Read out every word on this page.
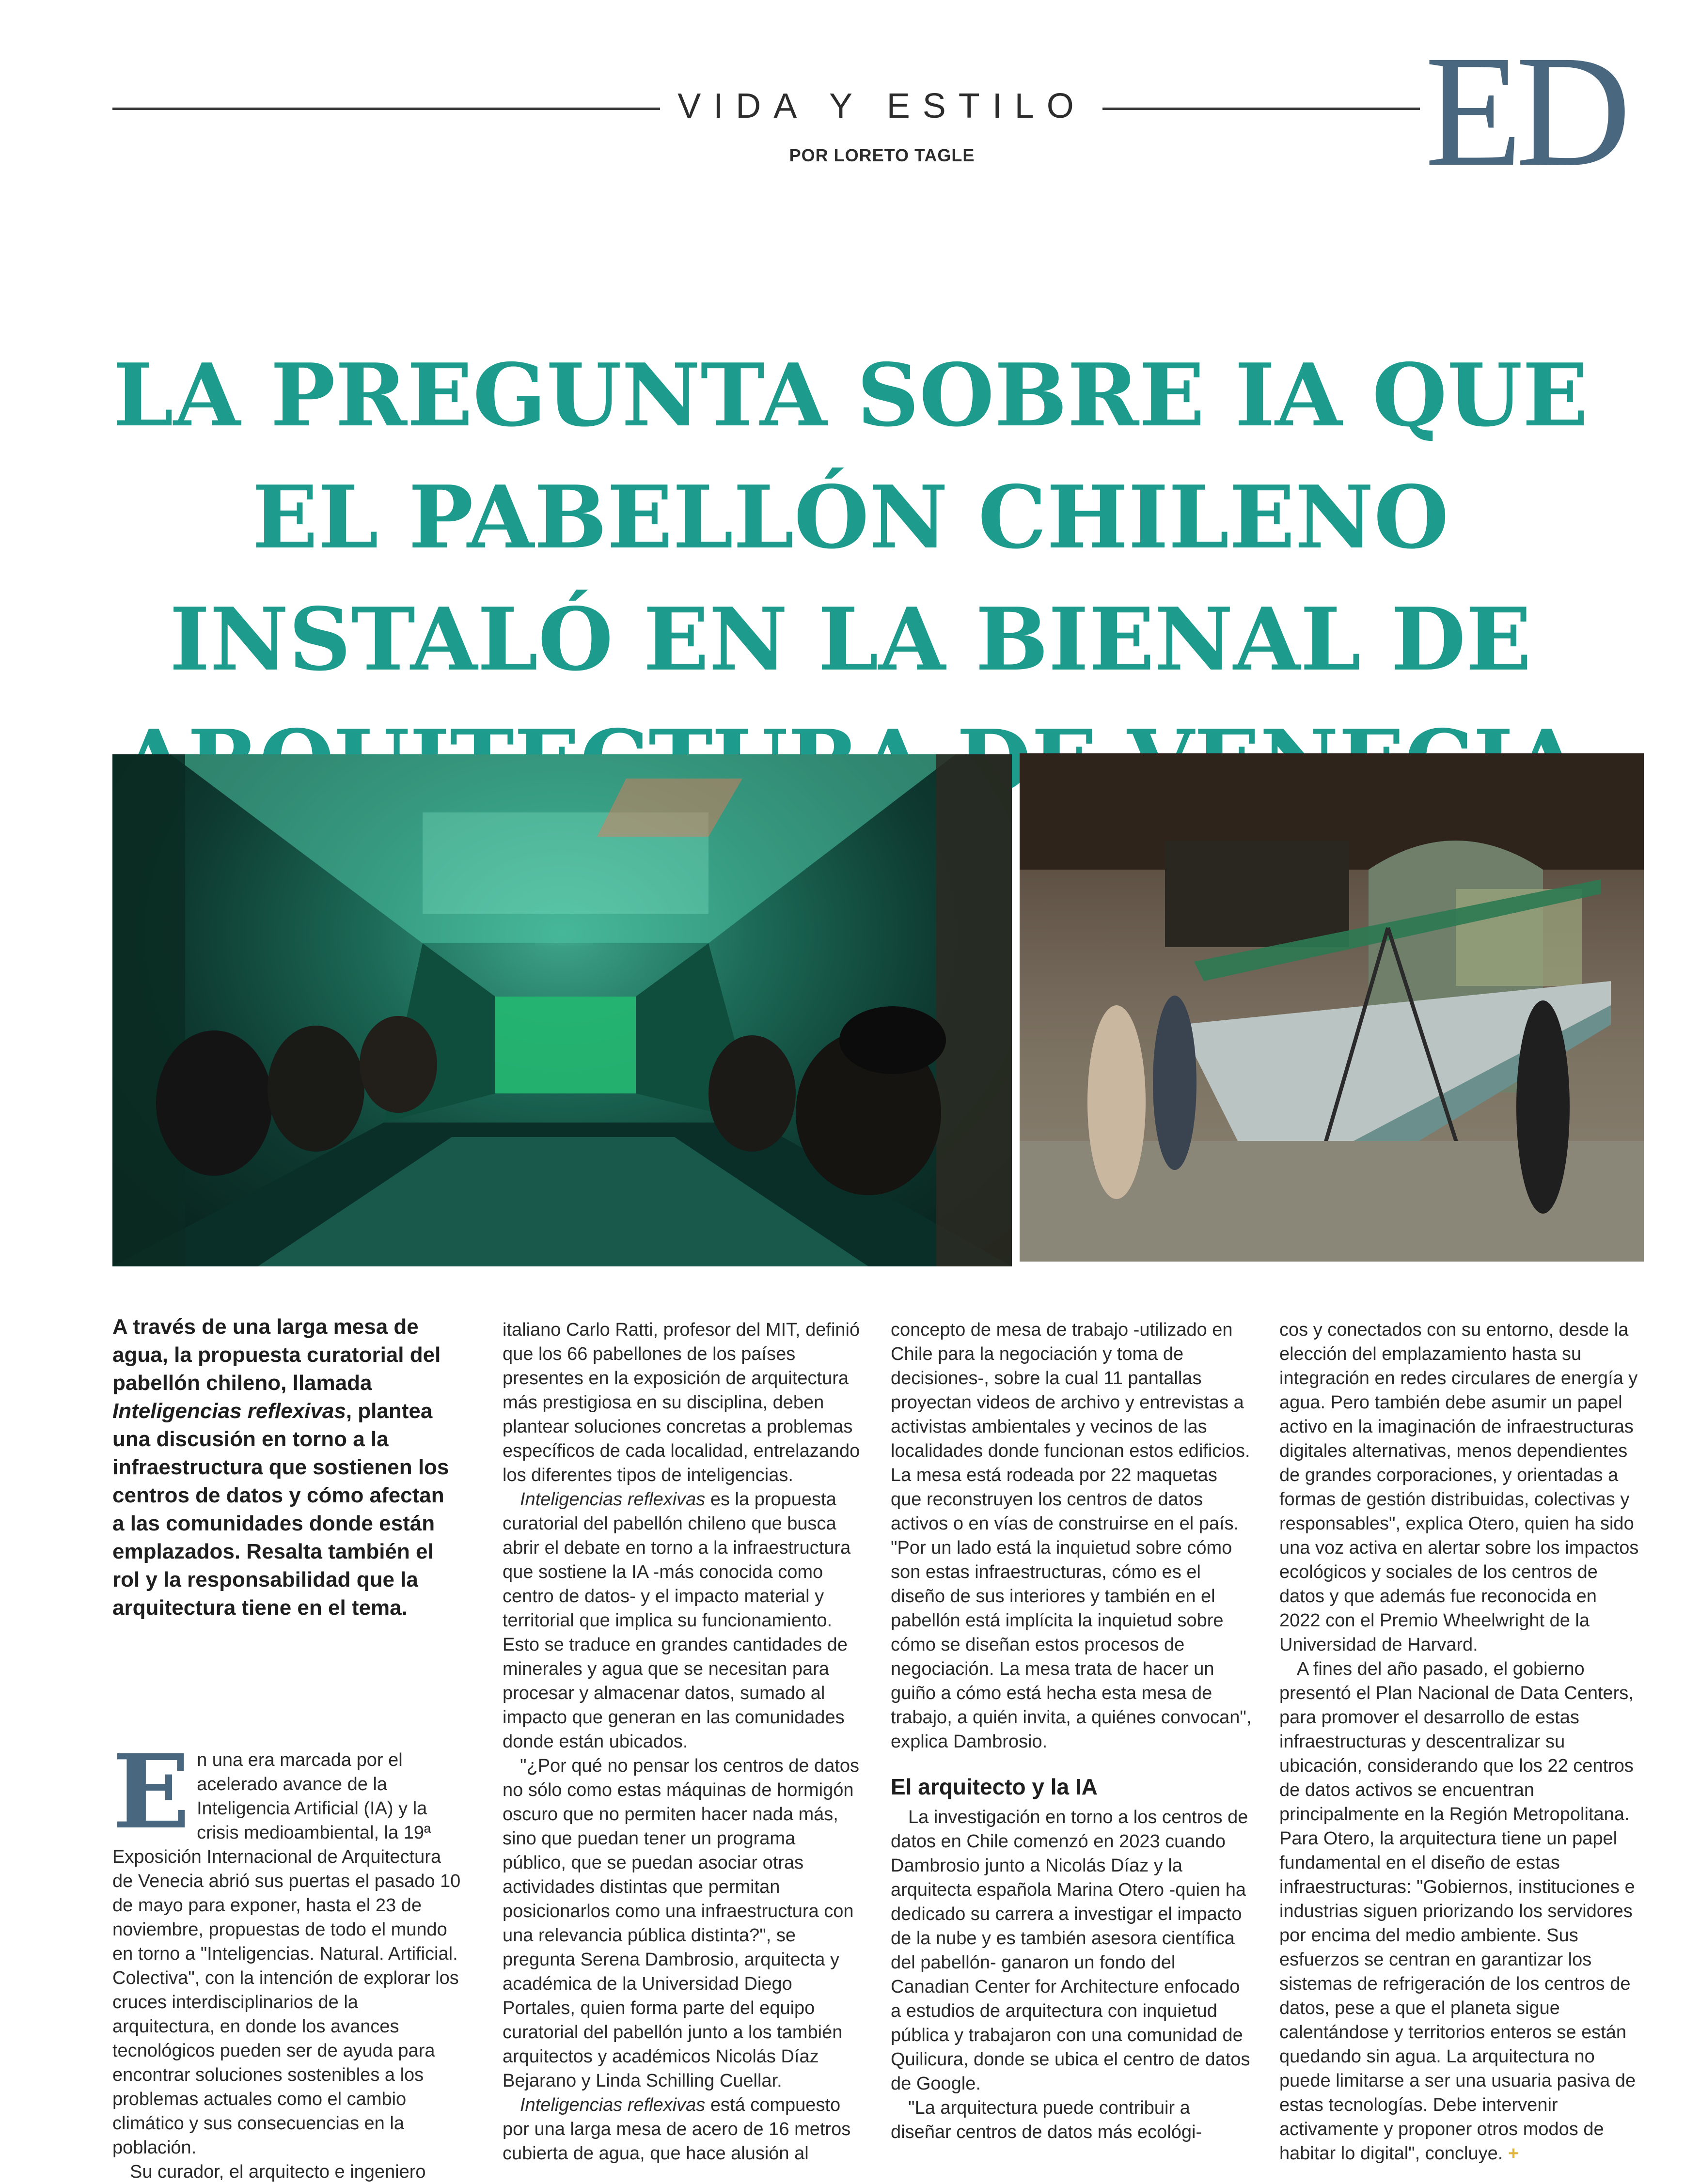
VIDA Y ESTILO
POR LORETO TAGLE	ED
LA PREGUNTA SOBRE IA QUE EL PABELLÓN CHILENO INSTALÓ EN LA BIENAL DE

A través de una larga mesa de agua, la propuesta curatorial del pabellón chileno, llamada Inteligencias reflexivas, plantea una discusión en torno a la infraestructura que sostienen los centros de datos y cómo afectan a las comunidades donde están emplazados. Resalta también el rol y la responsabilidad que la arquitectura tiene en el tema.

En una era marcada por el acelerado avance de la Inteligencia Artificial (IA) y la crisis medioambiental, la 19ª Exposición Internacional de Arquitectura de Venecia abrió sus puertas el pasado 10 de mayo para exponer, hasta el 23 de noviembre, propuestas de todo el mundo en torno a "Inteligencias. Natural. Artificial. Colectiva", con la intención de explorar los cruces interdisciplinarios de la arquitectura, en donde los avances tecnológicos pueden ser de ayuda para encontrar soluciones sostenibles a los problemas actuales como el cambio climático y sus consecuencias en la población.

Su curador, el arquitecto e ingeniero

italiano Carlo Ratti, profesor del MIT, definió que los 66 pabellones de los países presentes en la exposición de arquitectura más prestigiosa en su disciplina, deben plantear soluciones concretas a problemas específicos de cada localidad, entrelazando los diferentes tipos de inteligencias.

Inteligencias reflexivas es la propuesta curatorial del pabellón chileno que busca abrir el debate en torno a la infraestructura que sostiene la IA -más conocida como centro de datos- y el impacto material y territorial que implica su funcionamiento. Esto se traduce en grandes cantidades de minerales y agua que se necesitan para procesar y almacenar datos, sumado al impacto que generan en las comunidades donde están ubicados.

"¿Por qué no pensar los centros de datos no sólo como estas máquinas de hormigón oscuro que no permiten hacer nada más, sino que puedan tener un programa público, que se puedan asociar otras actividades distintas que permitan posicionarlos como una infraestructura con una relevancia pública distinta?", se pregunta Serena Dambrosio, arquitecta y académica de la Universidad Diego Portales, quien forma parte del equipo curatorial del pabellón junto a los también arquitectos y académicos Nicolás Díaz Bejarano y Linda Schilling Cuellar.

Inteligencias reflexivas está compuesto por una larga mesa de acero de 16 metros cubierta de agua, que hace alusión al

concepto de mesa de trabajo -utilizado en Chile para la negociación y toma de decisiones-, sobre la cual 11 pantallas proyectan videos de archivo y entrevistas a activistas ambientales y vecinos de las localidades donde funcionan estos edificios. La mesa está rodeada por 22 maquetas que reconstruyen los centros de datos activos o en vías de construirse en el país. "Por un lado está la inquietud sobre cómo son estas infraestructuras, cómo es el diseño de sus interiores y también en el pabellón está implícita la inquietud sobre cómo se diseñan estos procesos de negociación. La mesa trata de hacer un guiño a cómo está hecha esta mesa de trabajo, a quién invita, a quiénes convocan", explica Dambrosio.

El arquitecto y la IA

La investigación en torno a los centros de datos en Chile comenzó en 2023 cuando Dambrosio junto a Nicolás Díaz y la arquitecta española Marina Otero -quien ha dedicado su carrera a investigar el impacto de la nube y es también asesora científica del pabellón- ganaron un fondo del Canadian Center for Architecture enfocado a estudios de arquitectura con inquietud pública y trabajaron con una comunidad de Quilicura, donde se ubica el centro de datos de Google.

"La arquitectura puede contribuir a diseñar centros de datos más ecológi-

cos y conectados con su entorno, desde la elección del emplazamiento hasta su integración en redes circulares de energía y agua. Pero también debe asumir un papel activo en la imaginación de infraestructuras digitales alternativas, menos dependientes de grandes corporaciones, y orientadas a formas de gestión distribuidas, colectivas y responsables", explica Otero, quien ha sido una voz activa en alertar sobre los impactos ecológicos y sociales de los centros de datos y que además fue reconocida en 2022 con el Premio Wheelwright de la Universidad de Harvard.

A fines del año pasado, el gobierno presentó el Plan Nacional de Data Centers, para promover el desarrollo de estas infraestructuras y descentralizar su ubicación, considerando que los 22 centros de datos activos se encuentran principalmente en la Región Metropolitana. Para Otero, la arquitectura tiene un papel fundamental en el diseño de estas infraestructuras: "Gobiernos, instituciones e industrias siguen priorizando los servidores por encima del medio ambiente. Sus esfuerzos se centran en garantizar los sistemas de refrigeración de los centros de datos, pese a que el planeta sigue calentándose y territorios enteros se están quedando sin agua. La arquitectura no puede limitarse a ser una usuaria pasiva de estas tecnologías. Debe intervenir activamente y proponer otros modos de habitar lo digital", concluye. +
